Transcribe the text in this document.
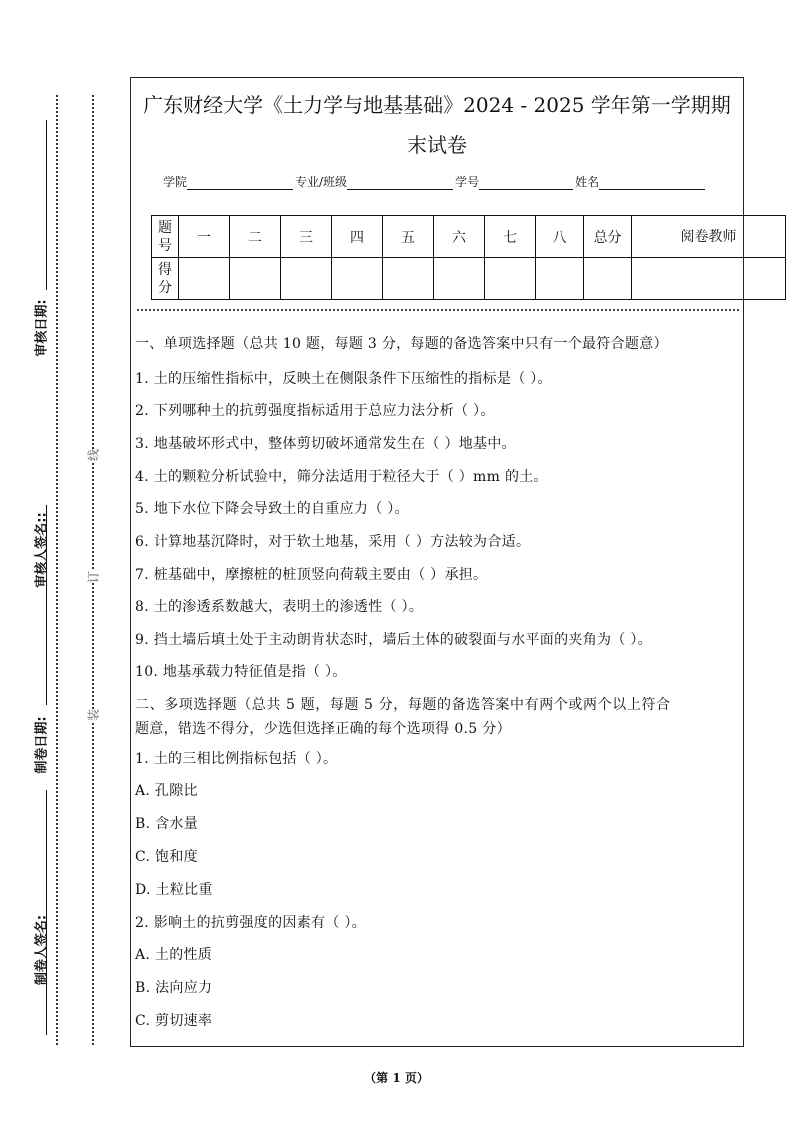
制卷人签名:
制卷日期:
审核人签名::
审核日期:
装
订
线
广东财经大学《土力学与地基基础》2024 - 2025 学年第一学期期
末试卷
学院	专业/班级	学号	姓名
题号	一	二	三	四	五	六	七	八	总分	阅卷教师
得分										
一、单项选择题（总共 10 题，每题 3 分，每题的备选答案中只有一个最符合题意）
1. 土的压缩性指标中，反映土在侧限条件下压缩性的指标是（ ）。
2. 下列哪种土的抗剪强度指标适用于总应力法分析（ ）。
3. 地基破坏形式中，整体剪切破坏通常发生在（ ）地基中。
4. 土的颗粒分析试验中，筛分法适用于粒径大于（ ）mm 的土。
5. 地下水位下降会导致土的自重应力（ ）。
6. 计算地基沉降时，对于软土地基，采用（ ）方法较为合适。
7. 桩基础中，摩擦桩的桩顶竖向荷载主要由（ ）承担。
8. 土的渗透系数越大，表明土的渗透性（ ）。
9. 挡土墙后填土处于主动朗肯状态时，墙后土体的破裂面与水平面的夹角为（ ）。
10. 地基承载力特征值是指（ ）。
二、多项选择题（总共 5 题，每题 5 分，每题的备选答案中有两个或两个以上符合
题意，错选不得分，少选但选择正确的每个选项得 0.5 分）
1. 土的三相比例指标包括（ ）。
A. 孔隙比
B. 含水量
C. 饱和度
D. 土粒比重
2. 影响土的抗剪强度的因素有（ ）。
A. 土的性质
B. 法向应力
C. 剪切速率
（第 1 页）
